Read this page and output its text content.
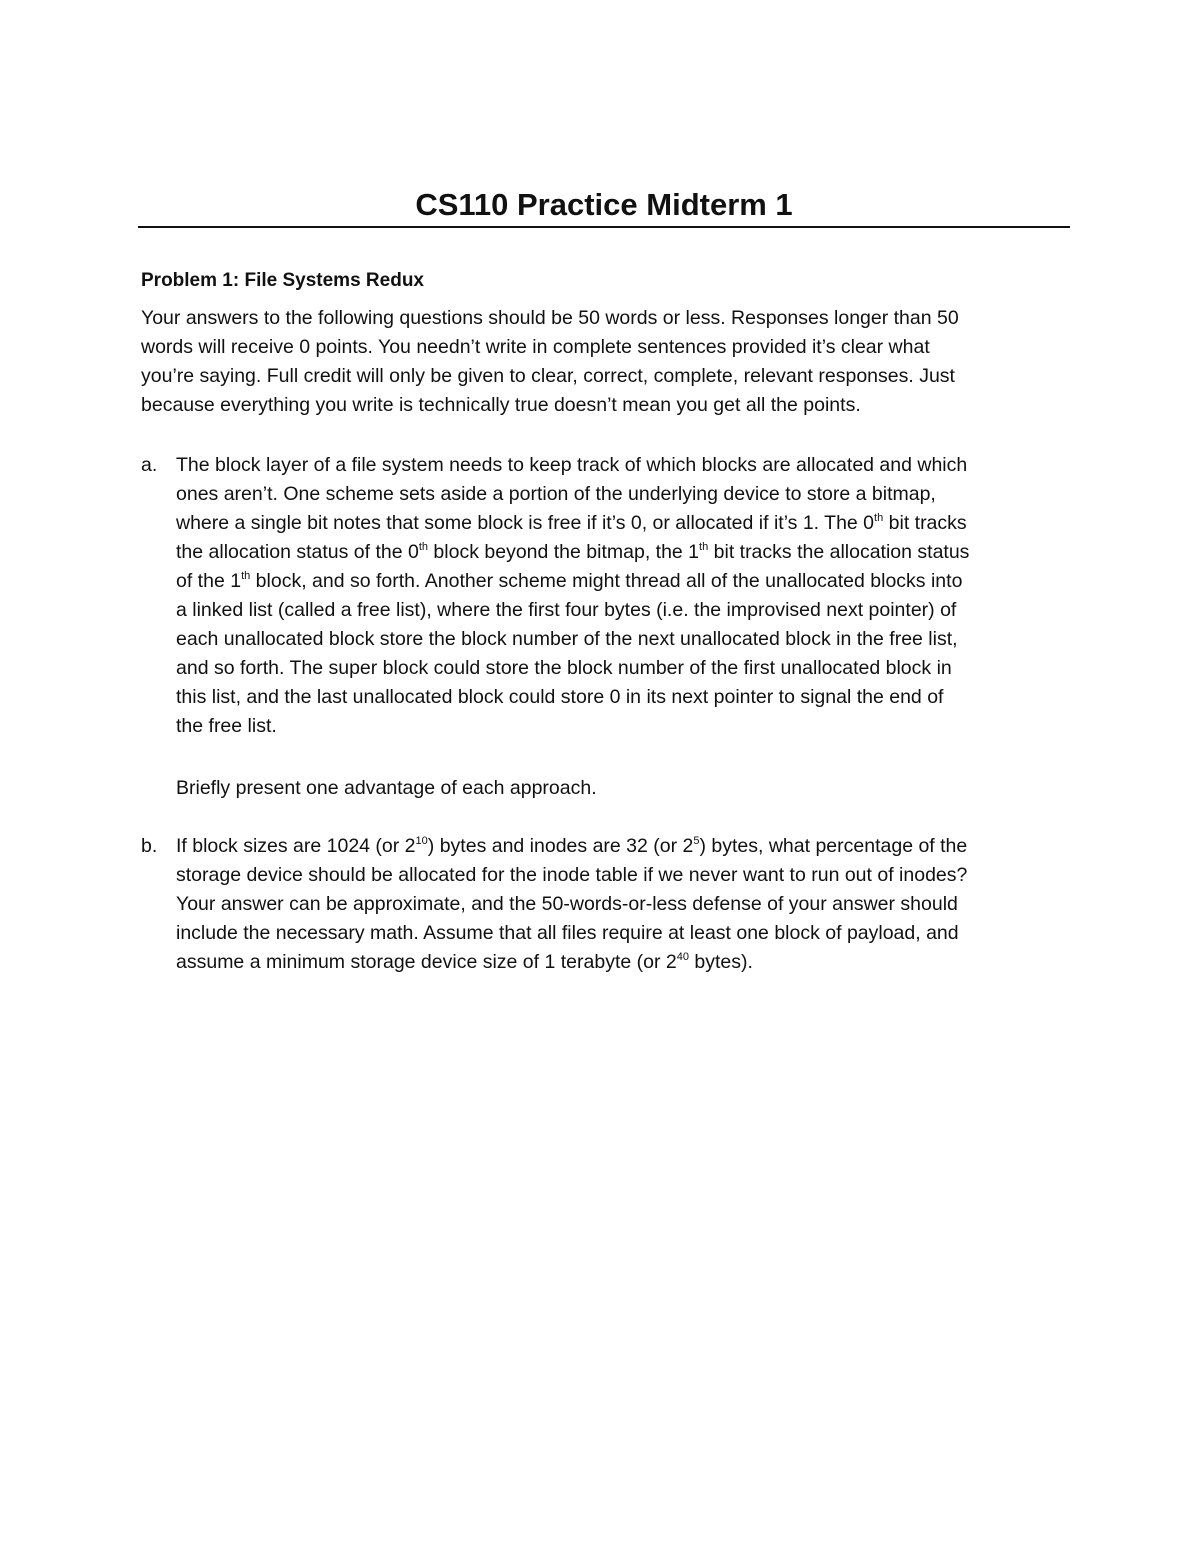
CS110 Practice Midterm 1
Problem 1: File Systems Redux
Your answers to the following questions should be 50 words or less. Responses longer than 50
words will receive 0 points. You needn’t write in complete sentences provided it’s clear what
you’re saying. Full credit will only be given to clear, correct, complete, relevant responses. Just
because everything you write is technically true doesn’t mean you get all the points.
a. The block layer of a file system needs to keep track of which blocks are allocated and which
ones aren’t. One scheme sets aside a portion of the underlying device to store a bitmap,
where a single bit notes that some block is free if it’s 0, or allocated if it’s 1. The 0th bit tracks
the allocation status of the 0th block beyond the bitmap, the 1th bit tracks the allocation status
of the 1th block, and so forth. Another scheme might thread all of the unallocated blocks into
a linked list (called a free list), where the first four bytes (i.e. the improvised next pointer) of
each unallocated block store the block number of the next unallocated block in the free list,
and so forth. The super block could store the block number of the first unallocated block in
this list, and the last unallocated block could store 0 in its next pointer to signal the end of
the free list.
Briefly present one advantage of each approach.
b. If block sizes are 1024 (or $2^{10}$) bytes and inodes are 32 (or $2^5$) bytes, what percentage of the
storage device should be allocated for the inode table if we never want to run out of inodes?
Your answer can be approximate, and the 50-words-or-less defense of your answer should
include the necessary math. Assume that all files require at least one block of payload, and
assume a minimum storage device size of 1 terabyte (or $2^{40}$ bytes).
